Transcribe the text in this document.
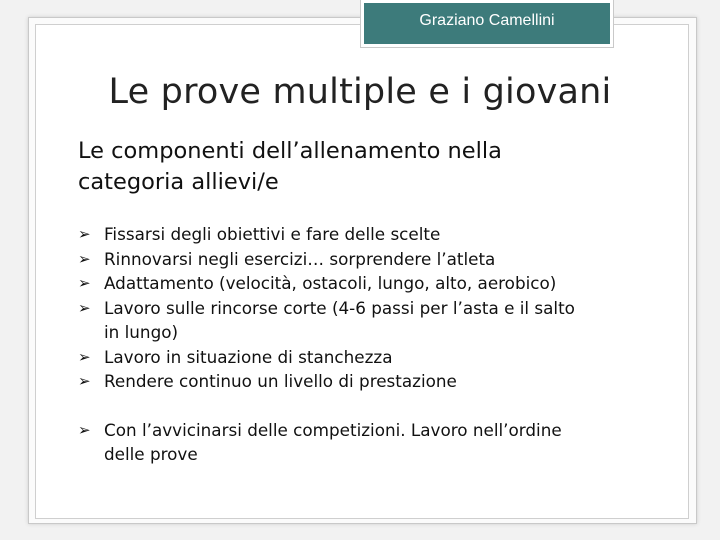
Graziano Camellini
Le prove multiple e i giovani
Le componenti dell’allenamento nella
categoria allievi/e
➢ Fissarsi degli obiettivi e fare delle scelte
➢ Rinnovarsi negli esercizi… sorprendere l’atleta
➢ Adattamento (velocità, ostacoli, lungo, alto, aerobico)
➢ Lavoro sulle rincorse corte (4-6 passi per l’asta e il salto
in lungo)
➢ Lavoro in situazione di stanchezza
➢ Rendere continuo un livello di prestazione
➢ Con l’avvicinarsi delle competizioni. Lavoro nell’ordine
delle prove
